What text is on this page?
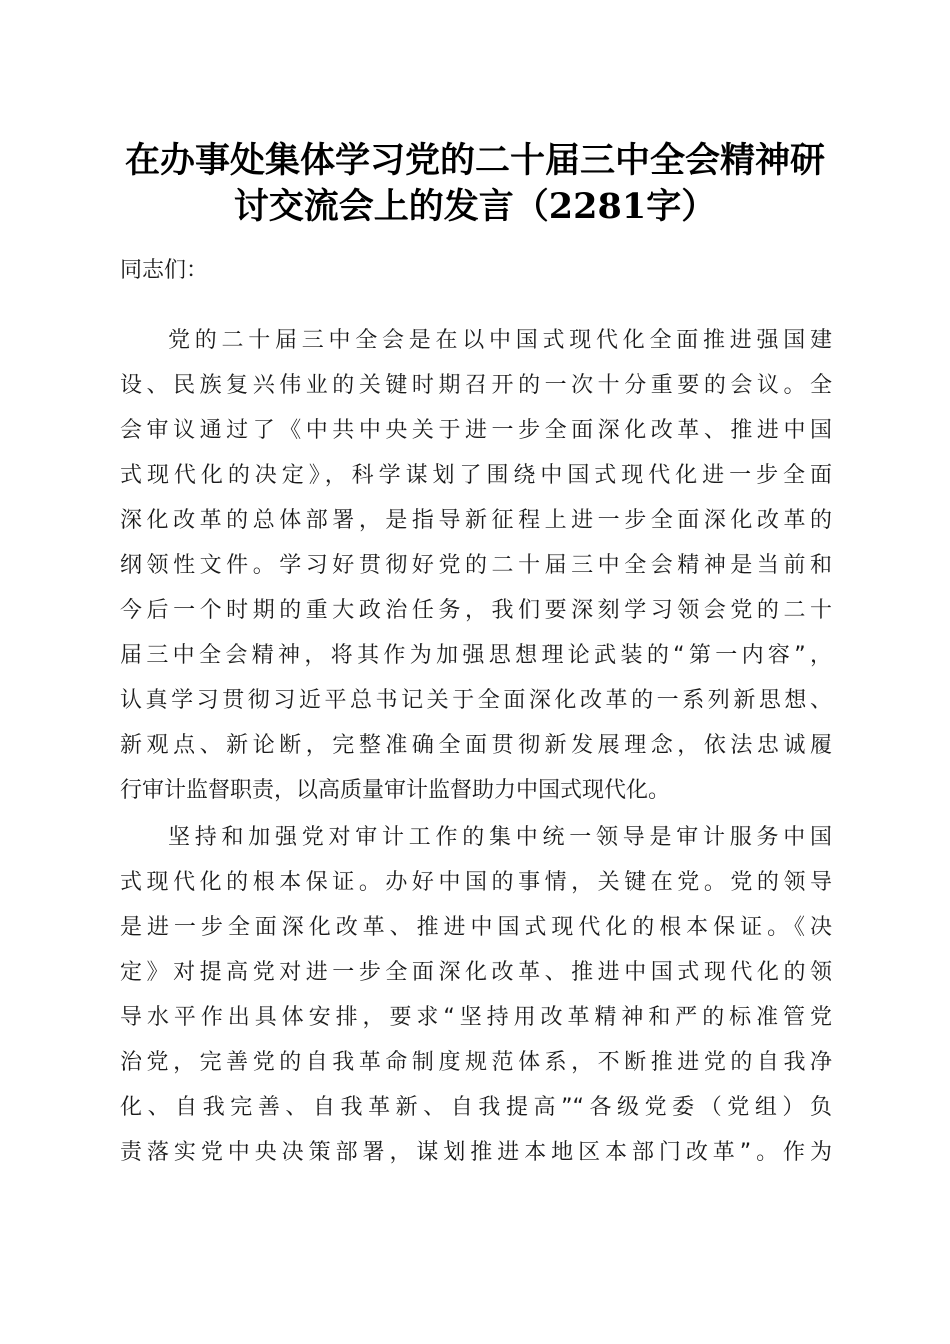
在办事处集体学习党的二十届三中全会精神研
讨交流会上的发言（2281字）
同志们：
党的二十届三中全会是在以中国式现代化全面推进强国建
设、民族复兴伟业的关键时期召开的一次十分重要的会议。全
会审议通过了《中共中央关于进一步全面深化改革、推进中国
式现代化的决定》，科学谋划了围绕中国式现代化进一步全面
深化改革的总体部署，是指导新征程上进一步全面深化改革的
纲领性文件。学习好贯彻好党的二十届三中全会精神是当前和
今后一个时期的重大政治任务，我们要深刻学习领会党的二十
届三中全会精神，将其作为加强思想理论武装的“第一内容”，
认真学习贯彻习近平总书记关于全面深化改革的一系列新思想、
新观点、新论断，完整准确全面贯彻新发展理念，依法忠诚履
行审计监督职责，以高质量审计监督助力中国式现代化。
坚持和加强党对审计工作的集中统一领导是审计服务中国
式现代化的根本保证。办好中国的事情，关键在党。党的领导
是进一步全面深化改革、推进中国式现代化的根本保证。《决
定》对提高党对进一步全面深化改革、推进中国式现代化的领
导水平作出具体安排，要求“坚持用改革精神和严的标准管党
治党，完善党的自我革命制度规范体系，不断推进党的自我净
化、自我完善、自我革新、自我提高”“各级党委（党组）负
责落实党中央决策部署，谋划推进本地区本部门改革”。作为
